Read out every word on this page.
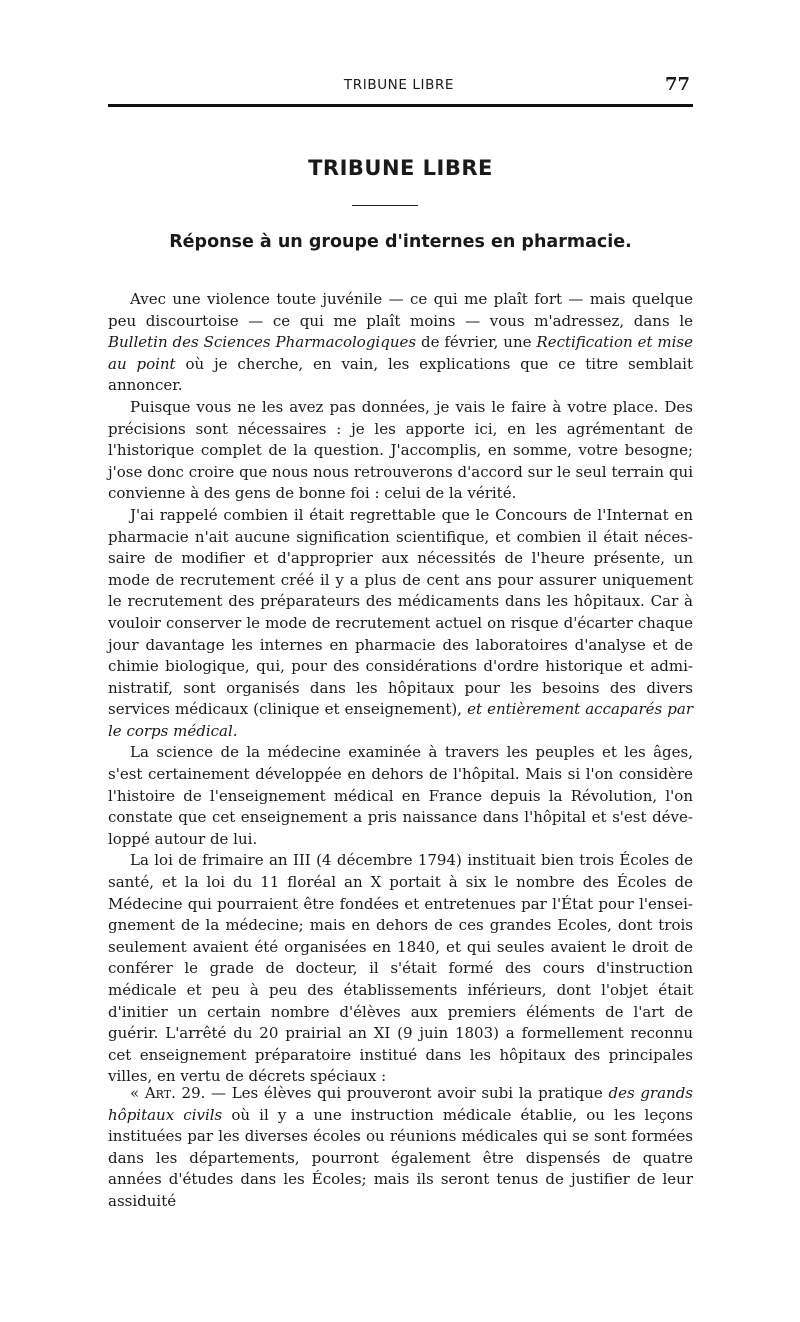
TRIBUNE LIBRE	77
TRIBUNE LIBRE
Réponse à un groupe d'internes en pharmacie.

Avec une violence toute juvénile — ce qui me plaît fort — mais quelque peu discourtoise — ce qui me plaît moins — vous m'adressez, dans le Bulletin des Sciences Pharmacologiques de février, une Rectification et mise au point où je cherche, en vain, les explications que ce titre semblait annoncer.

Puisque vous ne les avez pas données, je vais le faire à votre place. Des précisions sont nécessaires : je les apporte ici, en les agrémentant de l'historique complet de la question. J'accomplis, en somme, votre besogne; j'ose donc croire que nous nous retrouverons d'accord sur le seul terrain qui convienne à des gens de bonne foi : celui de la vérité.

J'ai rappelé combien il était regrettable que le Concours de l'Internat en pharmacie n'ait aucune signification scientifique, et combien il était nécessaire de modifier et d'approprier aux nécessités de l'heure présente, un mode de recrutement créé il y a plus de cent ans pour assurer uniquement le recrutement des préparateurs des médicaments dans les hôpitaux. Car à vouloir conserver le mode de recrutement actuel on risque d'écarter chaque jour davantage les internes en pharmacie des laboratoires d'analyse et de chimie biologique, qui, pour des considérations d'ordre historique et administratif, sont organisés dans les hôpitaux pour les besoins des divers services médicaux (clinique et enseignement), et entièrement accaparés par le corps médical.

La science de la médecine examinée à travers les peuples et les âges, s'est certainement développée en dehors de l'hôpital. Mais si l'on considère l'histoire de l'enseignement médical en France depuis la Révolution, l'on constate que cet enseignement a pris naissance dans l'hôpital et s'est développé autour de lui.

La loi de frimaire an III (4 décembre 1794) instituait bien trois Écoles de santé, et la loi du 11 floréal an X portait à six le nombre des Écoles de Médecine qui pourraient être fondées et entretenues par l'État pour l'enseignement de la médecine; mais en dehors de ces grandes Ecoles, dont trois seulement avaient été organisées en 1840, et qui seules avaient le droit de conférer le grade de docteur, il s'était formé des cours d'instruction médicale et peu à peu des établissements inférieurs, dont l'objet était d'initier un certain nombre d'élèves aux premiers éléments de l'art de guérir. L'arrêté du 20 prairial an XI (9 juin 1803) a formellement reconnu cet enseignement préparatoire institué dans les hôpitaux des principales villes, en vertu de décrets spéciaux :

« Art. 29. — Les élèves qui prouveront avoir subi la pratique des grands hôpitaux civils où il y a une instruction médicale établie, ou les leçons instituées par les diverses écoles ou réunions médicales qui se sont formées dans les départements, pourront également être dispensés de quatre années d'études dans les Écoles; mais ils seront tenus de justifier de leur assiduité
